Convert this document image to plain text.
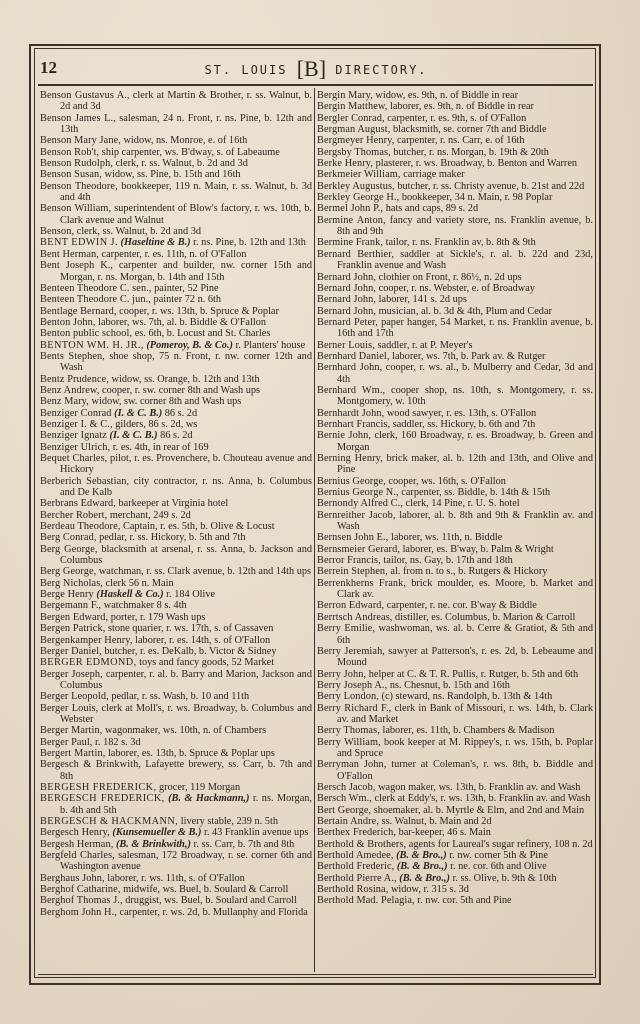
12	ST. LOUIS [B] DIRECTORY.

Benson Gustavus A., clerk at Martin & Brother, r. ss. Walnut, b. 2d and 3d

Benson James L., salesman, 24 n. Front, r. ns. Pine, b. 12th and 13th

Benson Mary Jane, widow, ns. Monroe, e. of 16th

Benson Rob't, ship carpenter, ws. B'dway, s. of Labeaume

Benson Rudolph, clerk, r. ss. Walnut, b. 2d and 3d

Benson Susan, widow, ss. Pine, b. 15th and 16th

Benson Theodore, bookkeeper, 119 n. Main, r. ss. Walnut, b. 3d and 4th

Benson William, superintendent of Blow's factory, r. ws. 10th, b. Clark avenue and Walnut

Benson, clerk, ss. Walnut, b. 2d and 3d

BENT EDWIN J. (Haseltine & B.) r. ns. Pine, b. 12th and 13th

Bent Herman, carpenter, r. es. 11th, n. of O'Fallon

Bent Joseph K., carpenter and builder, nw. corner 15th and Morgan, r. ns. Morgan, b. 14th and 15th

Benteen Theodore C. sen., painter, 52 Pine

Benteen Theodore C. jun., painter 72 n. 6th

Bentlage Bernard, cooper, r. ws. 13th, b. Spruce & Poplar

Benton John, laborer, ws. 7th, al. b. Biddle & O'Fallon

Benton public school, es. 6th, b. Locust and St. Charles

BENTON WM. H. JR., (Pomeroy, B. & Co.) r. Planters' house

Bents Stephen, shoe shop, 75 n. Front, r. nw. corner 12th and Wash

Bentz Prudence, widow, ss. Orange, b. 12th and 13th

Benz Andrew, cooper, r. sw. corner 8th and Wash ups

Benz Mary, widow, sw. corner 8th and Wash ups

Benziger Conrad (I. & C. B.) 86 s. 2d

Benziger I. & C., gilders, 86 s. 2d, ws

Benziger Ignatz (I. & C. B.) 86 s. 2d

Benziger Ulrich, r. es. 4th, in rear of 169

Bequet Charles, pilot, r. es. Provenchere, b. Chouteau avenue and Hickory

Berberich Sebastian, city contractor, r. ns. Anna, b. Columbus and De Kalb

Berbrans Edward, barkeeper at Virginia hotel

Bercher Robert, merchant, 249 s. 2d

Berdeau Theodore, Captain, r. es. 5th, b. Olive & Locust

Berg Conrad, pedlar, r. ss. Hickory, b. 5th and 7th

Berg George, blacksmith at arsenal, r. ss. Anna, b. Jackson and Columbus

Berg George, watchman, r. ss. Clark avenue, b. 12th and 14th ups

Berg Nicholas, clerk 56 n. Main

Berge Henry (Haskell & Co.) r. 184 Olive

Bergemann F., watchmaker 8 s. 4th

Bergen Edward, porter, r. 179 Wash ups

Bergen Patrick, stone quarier, r. ws. 17th, s. of Cassaven

Bergenkamper Henry, laborer, r. es. 14th, s. of O'Fallon

Berger Daniel, butcher, r. es. DeKalb, b. Victor & Sidney

BERGER EDMOND, toys and fancy goods, 52 Market

Berger Joseph, carpenter, r. al. b. Barry and Marion, Jackson and Columbus

Berger Leopold, pedlar, r. ss. Wash, b. 10 and 11th

Berger Louis, clerk at Moll's, r. ws. Broadway, b. Columbus and Webster

Berger Martin, wagonmaker, ws. 10th, n. of Chambers

Berger Paul, r. 182 s. 3d

Bergert Martin, laborer, es. 13th, b. Spruce & Poplar ups

Bergesch & Brinkwith, Lafayette brewery, ss. Carr, b. 7th and 8th

BERGESH FREDERICK, grocer, 119 Morgan

BERGESCH FREDERICK, (B. & Hackmann,) r. ns. Morgan, b. 4th and 5th

BERGESCH & HACKMANN, livery stable, 239 n. 5th

Bergesch Henry, (Kunsemueller & B.) r. 43 Franklin avenue ups

Bergesh Herman, (B. & Brinkwith,) r. ss. Carr, b. 7th and 8th

Bergfeld Charles, salesman, 172 Broadway, r. se. corner 6th and Washington avenue

Berghaus John, laborer, r. ws. 11th, s. of O'Fallon

Berghof Catharine, midwife, ws. Buel, b. Soulard & Carroll

Berghof Thomas J., druggist, ws. Buel, b. Soulard and Carroll

Berghom John H., carpenter, r. ws. 2d, b. Mullanphy and Florida

Bergin Mary, widow, es. 9th, n. of Biddle in rear

Bergin Matthew, laborer, es. 9th, n. of Biddle in rear

Bergler Conrad, carpenter, r. es. 9th, s. of O'Fallon

Bergman August, blacksmith, se. corner 7th and Biddle

Bergmeyer Henry, carpenter, r. ns. Carr, e. of 16th

Bergsby Thomas, butcher, r. ns. Morgan, b. 19th & 20th

Berke Henry, plasterer, r. ws. Broadway, b. Benton and Warren

Berkmeier William, carriage maker

Berkley Augustus, butcher, r. ss. Christy avenue, b. 21st and 22d

Berkley George H., bookkeeper, 34 n. Main, r. 98 Poplar

Bermel John P., hats and caps, 89 s. 2d

Bermine Anton, fancy and variety store, ns. Franklin avenue, b. 8th and 9th

Bermine Frank, tailor, r. ns. Franklin av, b. 8th & 9th

Bernard Berthier, saddler at Sickle's, r. al. b. 22d and 23d, Franklin avenue and Wash

Bernard John, clothier on Front, r. 86½, n. 2d ups

Bernard John, cooper, r. ns. Webster, e. of Broadway

Bernard John, laborer, 141 s. 2d ups

Bernard John, musician, al. b. 3d & 4th, Plum and Cedar

Bernard Peter, paper hanger, 54 Market, r. ns. Franklin avenue, b. 16th and 17th

Berner Louis, saddler, r. at P. Meyer's

Bernhard Daniel, laborer, ws. 7th, b. Park av. & Rutger

Bernhard John, cooper, r. ws. al., b. Mulberry and Cedar, 3d and 4th

Bernhard Wm., cooper shop, ns. 10th, s. Montgomery, r. ss. Montgomery, w. 10th

Bernhardt John, wood sawyer, r. es. 13th, s. O'Fallon

Bernhart Francis, saddler, ss. Hickory, b. 6th and 7th

Bernie John, clerk, 160 Broadway, r. es. Broadway, b. Green and Morgan

Berning Henry, brick maker, al. b. 12th and 13th, and Olive and Pine

Bernius George, cooper, ws. 16th, s. O'Fallon

Bernius George N., carpenter, ss. Biddle, b. 14th & 15th

Bernondy Alfred C., clerk, 14 Pine, r. U. S. hotel

Bernreither Jacob, laborer, al. b. 8th and 9th & Franklin av. and Wash

Bernsen John E., laborer, ws. 11th, n. Biddle

Bernsmeier Gerard, laborer, es. B'way, b. Palm & Wright

Berror Francis, tailor, ns. Gay, b. 17th and 18th

Berrein Stephen, al. from n. to s., b. Rutgers & Hickory

Berrenkherns Frank, brick moulder, es. Moore, b. Market and Clark av.

Berron Edward, carpenter, r. ne. cor. B'way & Biddle

Berrtsch Andreas, distiller, es. Columbus, b. Marion & Carroll

Berry Emilie, washwoman, ws. al. b. Cerre & Gratiot, & 5th and 6th

Berry Jeremiah, sawyer at Patterson's, r. es. 2d, b. Lebeaume and Mound

Berry John, helper at C. & T. R. Pullis, r. Rutger, b. 5th and 6th

Berry Joseph A., ns. Chesnut, b. 15th and 16th

Berry London, (c) steward, ns. Randolph, b. 13th & 14th

Berry Richard F., clerk in Bank of Missouri, r. ws. 14th, b. Clark av. and Market

Berry Thomas, laborer, es. 11th, b. Chambers & Madison

Berry William, book keeper at M. Rippey's, r. ws. 15th, b. Poplar and Spruce

Berryman John, turner at Coleman's, r. ws. 8th, b. Biddle and O'Fallon

Bersch Jacob, wagon maker, ws. 13th, b. Franklin av. and Wash

Bersch Wm., clerk at Eddy's, r. ws. 13th, b. Franklin av. and Wash

Bert George, shoemaker, al. b. Myrtle & Elm, and 2nd and Main

Bertain Andre, ss. Walnut, b. Main and 2d

Berthex Frederich, bar-keeper, 46 s. Main

Berthold & Brothers, agents for Laureal's sugar refinery, 108 n. 2d

Berthold Amedee, (B. & Bro.,) r. nw. corner 5th & Pine

Berthold Frederic, (B. & Bro.,) r. ne. cor. 6th and Olive

Berthold Pierre A., (B. & Bro.,) r. ss. Olive, b. 9th & 10th

Berthold Rosina, widow, r. 315 s. 3d

Berthold Mad. Pelagia, r. nw. cor. 5th and Pine
